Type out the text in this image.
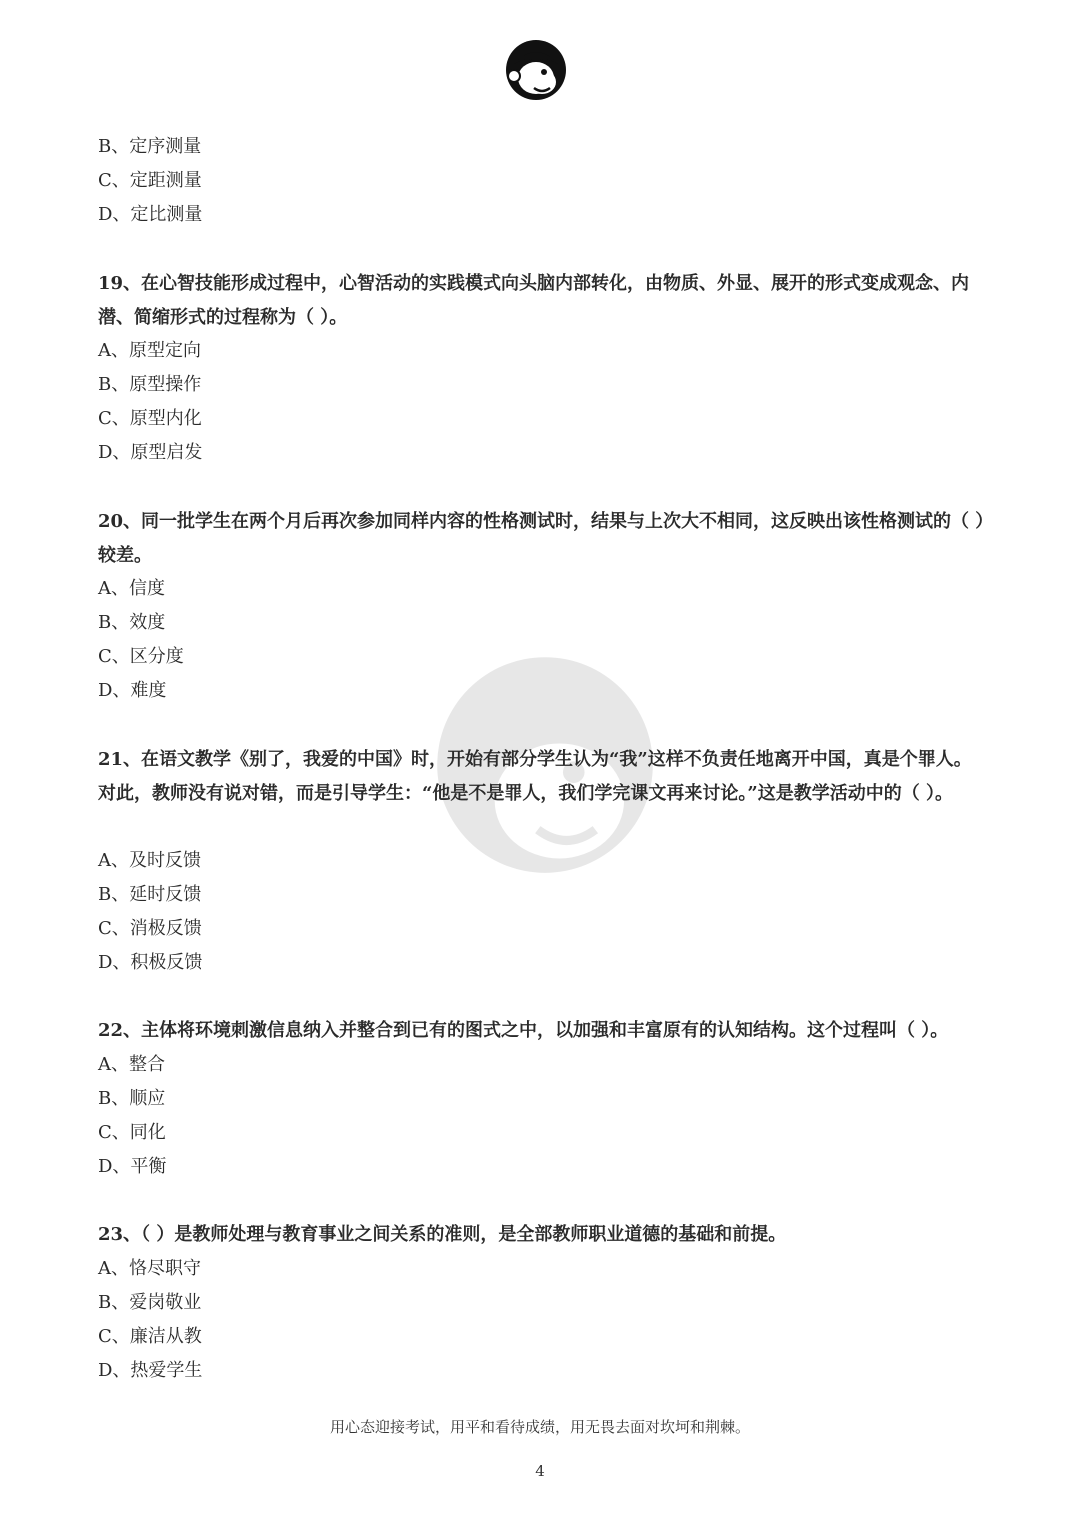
B、定序测量
C、定距测量
D、定比测量
19、在心智技能形成过程中，心智活动的实践模式向头脑内部转化，由物质、外显、展开的形式变成观念、内潜、简缩形式的过程称为（ ）。
A、原型定向
B、原型操作
C、原型内化
D、原型启发
20、同一批学生在两个月后再次参加同样内容的性格测试时，结果与上次大不相同，这反映出该性格测试的（ ）较差。
A、信度
B、效度
C、区分度
D、难度
21、在语文教学《别了，我爱的中国》时，开始有部分学生认为“我”这样不负责任地离开中国，真是个罪人。对此，教师没有说对错，而是引导学生：“他是不是罪人，我们学完课文再来讨论。”这是教学活动中的（ ）。
A、及时反馈
B、延时反馈
C、消极反馈
D、积极反馈
22、主体将环境刺激信息纳入并整合到已有的图式之中，以加强和丰富原有的认知结构。这个过程叫（ ）。
A、整合
B、顺应
C、同化
D、平衡
23、（ ）是教师处理与教育事业之间关系的准则，是全部教师职业道德的基础和前提。
A、恪尽职守
B、爱岗敬业
C、廉洁从教
D、热爱学生
用心态迎接考试，用平和看待成绩，用无畏去面对坎坷和荆棘。
4
